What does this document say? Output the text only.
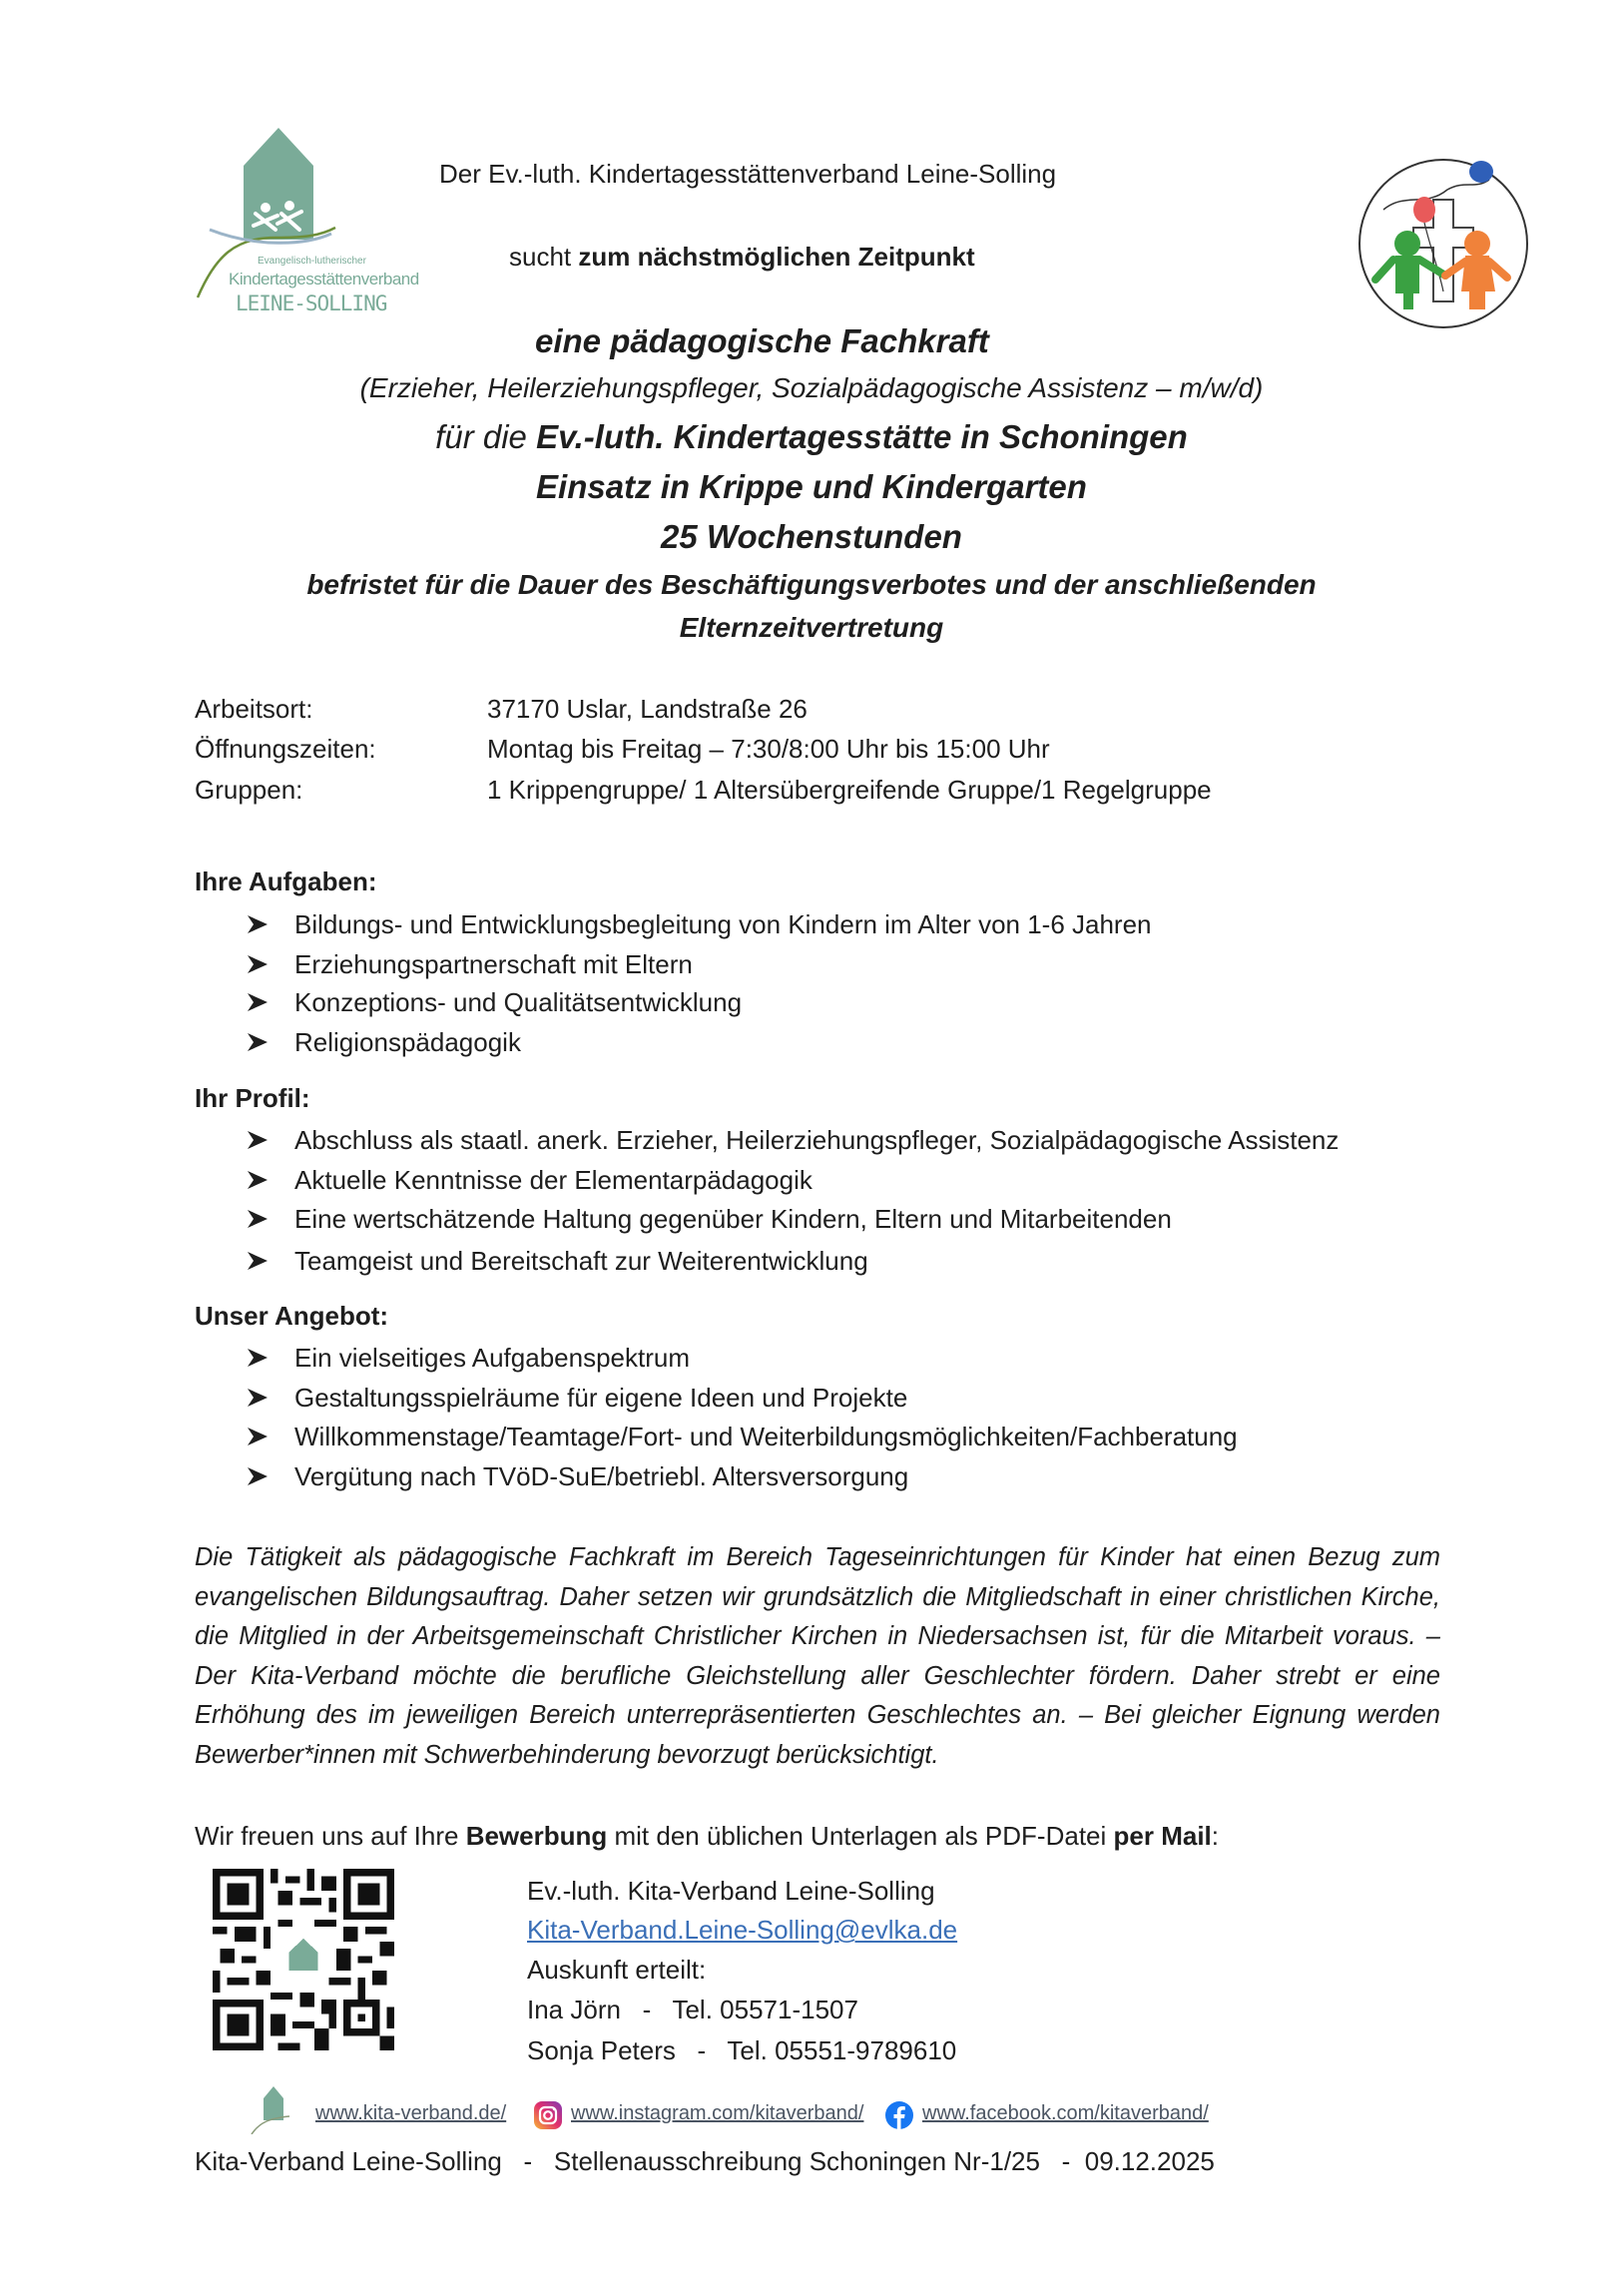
Evangelisch-lutherischer
Kindertagesstättenverband
LEINE-SOLLING
Der Ev.-luth. Kindertagesstättenverband Leine-Solling
sucht zum nächstmöglichen Zeitpunkt
eine pädagogische Fachkraft
(Erzieher, Heilerziehungspfleger, Sozialpädagogische Assistenz – m/w/d)
für die Ev.-luth. Kindertagesstätte in Schoningen
Einsatz in Krippe und Kindergarten
25 Wochenstunden
befristet für die Dauer des Beschäftigungsverbotes und der anschließenden
Elternzeitvertretung
Arbeitsort:	37170 Uslar, Landstraße 26
Öffnungszeiten:	Montag bis Freitag – 7:30/8:00 Uhr bis 15:00 Uhr
Gruppen:	1 Krippengruppe/ 1 Altersübergreifende Gruppe/1 Regelgruppe
Ihre Aufgaben:
Bildungs- und Entwicklungsbegleitung von Kindern im Alter von 1-6 Jahren
Erziehungspartnerschaft mit Eltern
Konzeptions- und Qualitätsentwicklung
Religionspädagogik
Ihr Profil:
Abschluss als staatl. anerk. Erzieher, Heilerziehungspfleger, Sozialpädagogische Assistenz
Aktuelle Kenntnisse der Elementarpädagogik
Eine wertschätzende Haltung gegenüber Kindern, Eltern und Mitarbeitenden
Teamgeist und Bereitschaft zur Weiterentwicklung
Unser Angebot:
Ein vielseitiges Aufgabenspektrum
Gestaltungsspielräume für eigene Ideen und Projekte
Willkommenstage/Teamtage/Fort- und Weiterbildungsmöglichkeiten/Fachberatung
Vergütung nach TVöD-SuE/betriebl. Altersversorgung
Die Tätigkeit als pädagogische Fachkraft im Bereich Tageseinrichtungen für Kinder hat einen Bezug zum evangelischen Bildungsauftrag. Daher setzen wir grundsätzlich die Mitgliedschaft in einer christlichen Kirche, die Mitglied in der Arbeitsgemeinschaft Christlicher Kirchen in Niedersachsen ist, für die Mitarbeit voraus. – Der Kita-Verband möchte die berufliche Gleichstellung aller Geschlechter fördern. Daher strebt er eine Erhöhung des im jeweiligen Bereich unterrepräsentierten Geschlechtes an. – Bei gleicher Eignung werden Bewerber*innen mit Schwerbehinderung bevorzugt berücksichtigt.
Wir freuen uns auf Ihre Bewerbung mit den üblichen Unterlagen als PDF-Datei per Mail:
Ev.-luth. Kita-Verband Leine-Solling
Kita-Verband.Leine-Solling@evlka.de
Auskunft erteilt:
Ina Jörn   -   Tel. 05571-1507
Sonja Peters   -   Tel. 05551-9789610
www.kita-verband.de/	www.instagram.com/kitaverband/	www.facebook.com/kitaverband/
Kita-Verband Leine-Solling   -   Stellenausschreibung Schoningen Nr-1/25   -  09.12.2025
